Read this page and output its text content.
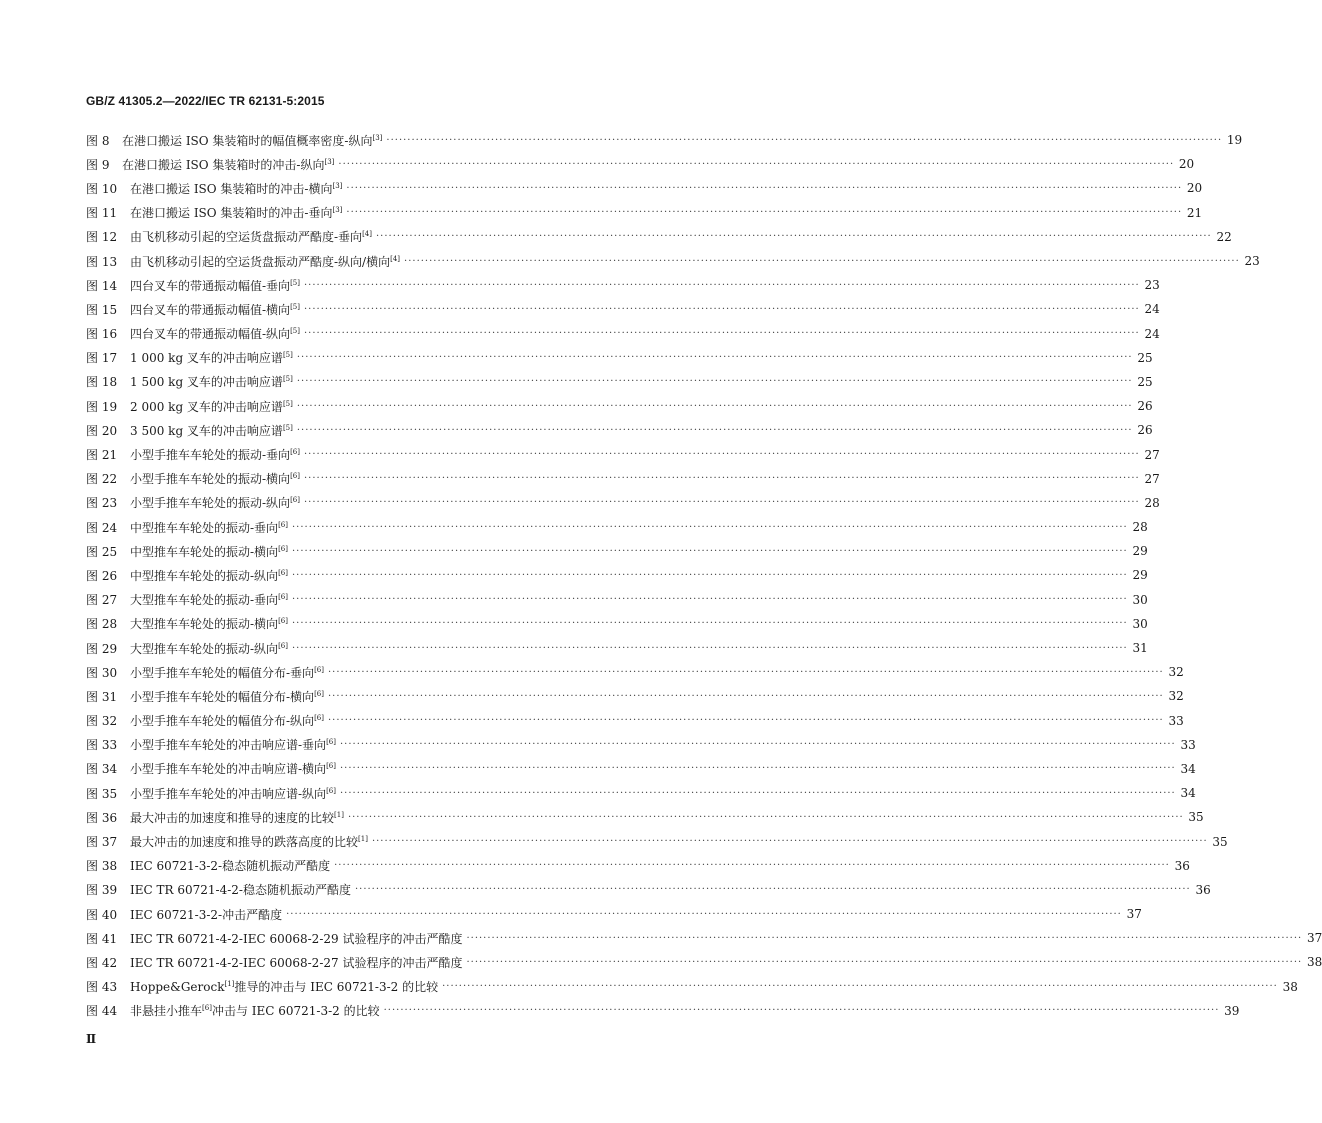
GB/Z 41305.2—2022/IEC TR 62131-5:2015
图 8	在港口搬运 ISO 集装箱时的幅值概率密度-纵向[3] ········································································································································································································ 19
图 9	在港口搬运 ISO 集装箱时的冲击-纵向[3] ········································································································································································································ 20
图 10	在港口搬运 ISO 集装箱时的冲击-横向[3] ········································································································································································································ 20
图 11	在港口搬运 ISO 集装箱时的冲击-垂向[3] ········································································································································································································ 21
图 12	由飞机移动引起的空运货盘振动严酷度-垂向[4] ········································································································································································································ 22
图 13	由飞机移动引起的空运货盘振动严酷度-纵向/横向[4] ········································································································································································································ 23
图 14	四台叉车的带通振动幅值-垂向[5] ········································································································································································································ 23
图 15	四台叉车的带通振动幅值-横向[5] ········································································································································································································ 24
图 16	四台叉车的带通振动幅值-纵向[5] ········································································································································································································ 24
图 17	1 000 kg 叉车的冲击响应谱[5] ········································································································································································································ 25
图 18	1 500 kg 叉车的冲击响应谱[5] ········································································································································································································ 25
图 19	2 000 kg 叉车的冲击响应谱[5] ········································································································································································································ 26
图 20	3 500 kg 叉车的冲击响应谱[5] ········································································································································································································ 26
图 21	小型手推车车轮处的振动-垂向[6] ········································································································································································································ 27
图 22	小型手推车车轮处的振动-横向[6] ········································································································································································································ 27
图 23	小型手推车车轮处的振动-纵向[6] ········································································································································································································ 28
图 24	中型推车车轮处的振动-垂向[6] ········································································································································································································ 28
图 25	中型推车车轮处的振动-横向[6] ········································································································································································································ 29
图 26	中型推车车轮处的振动-纵向[6] ········································································································································································································ 29
图 27	大型推车车轮处的振动-垂向[6] ········································································································································································································ 30
图 28	大型推车车轮处的振动-横向[6] ········································································································································································································ 30
图 29	大型推车车轮处的振动-纵向[6] ········································································································································································································ 31
图 30	小型手推车车轮处的幅值分布-垂向[6] ········································································································································································································ 32
图 31	小型手推车车轮处的幅值分布-横向[6] ········································································································································································································ 32
图 32	小型手推车车轮处的幅值分布-纵向[6] ········································································································································································································ 33
图 33	小型手推车车轮处的冲击响应谱-垂向[6] ········································································································································································································ 33
图 34	小型手推车车轮处的冲击响应谱-横向[6] ········································································································································································································ 34
图 35	小型手推车车轮处的冲击响应谱-纵向[6] ········································································································································································································ 34
图 36	最大冲击的加速度和推导的速度的比较[1] ········································································································································································································ 35
图 37	最大冲击的加速度和推导的跌落高度的比较[1] ········································································································································································································ 35
图 38	IEC 60721-3-2-稳态随机振动严酷度 ········································································································································································································ 36
图 39	IEC TR 60721-4-2-稳态随机振动严酷度 ········································································································································································································ 36
图 40	IEC 60721-3-2-冲击严酷度 ········································································································································································································ 37
图 41	IEC TR 60721-4-2-IEC 60068-2-29 试验程序的冲击严酷度 ········································································································································································································ 37
图 42	IEC TR 60721-4-2-IEC 60068-2-27 试验程序的冲击严酷度 ········································································································································································································ 38
图 43	Hoppe&Gerock[1]推导的冲击与 IEC 60721-3-2 的比较 ········································································································································································································ 38
图 44	非悬挂小推车[6]冲击与 IEC 60721-3-2 的比较 ········································································································································································································ 39
Ⅱ
